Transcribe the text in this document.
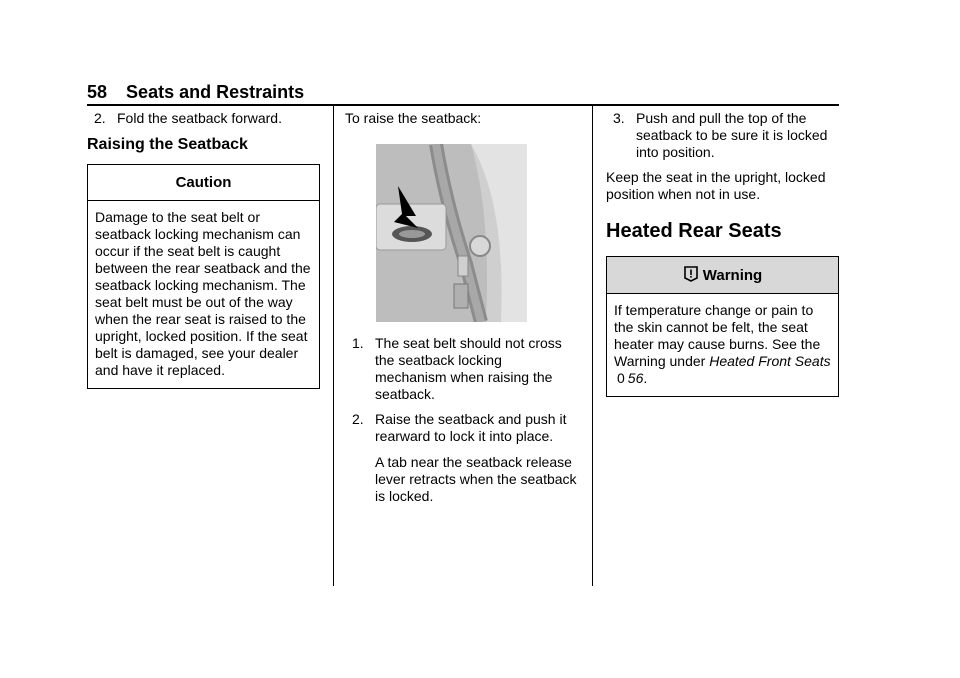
58 Seats and Restraints

2. Fold the seatback forward.

Raising the Seatback

Caution

Damage to the seat belt or seatback locking mechanism can occur if the seat belt is caught between the rear seatback and the seatback locking mechanism. The seat belt must be out of the way when the rear seat is raised to the upright, locked position. If the seat belt is damaged, see your dealer and have it replaced.

To raise the seatback:

1. The seat belt should not cross the seatback locking mechanism when raising the seatback.

2. Raise the seatback and push it rearward to lock it into place.

A tab near the seatback release lever retracts when the seatback is locked.

3. Push and pull the top of the seatback to be sure it is locked into position.

Keep the seat in the upright, locked position when not in use.

Heated Rear Seats

Warning

If temperature change or pain to the skin cannot be felt, the seat heater may cause burns. See the Warning under Heated Front Seats0 56.
